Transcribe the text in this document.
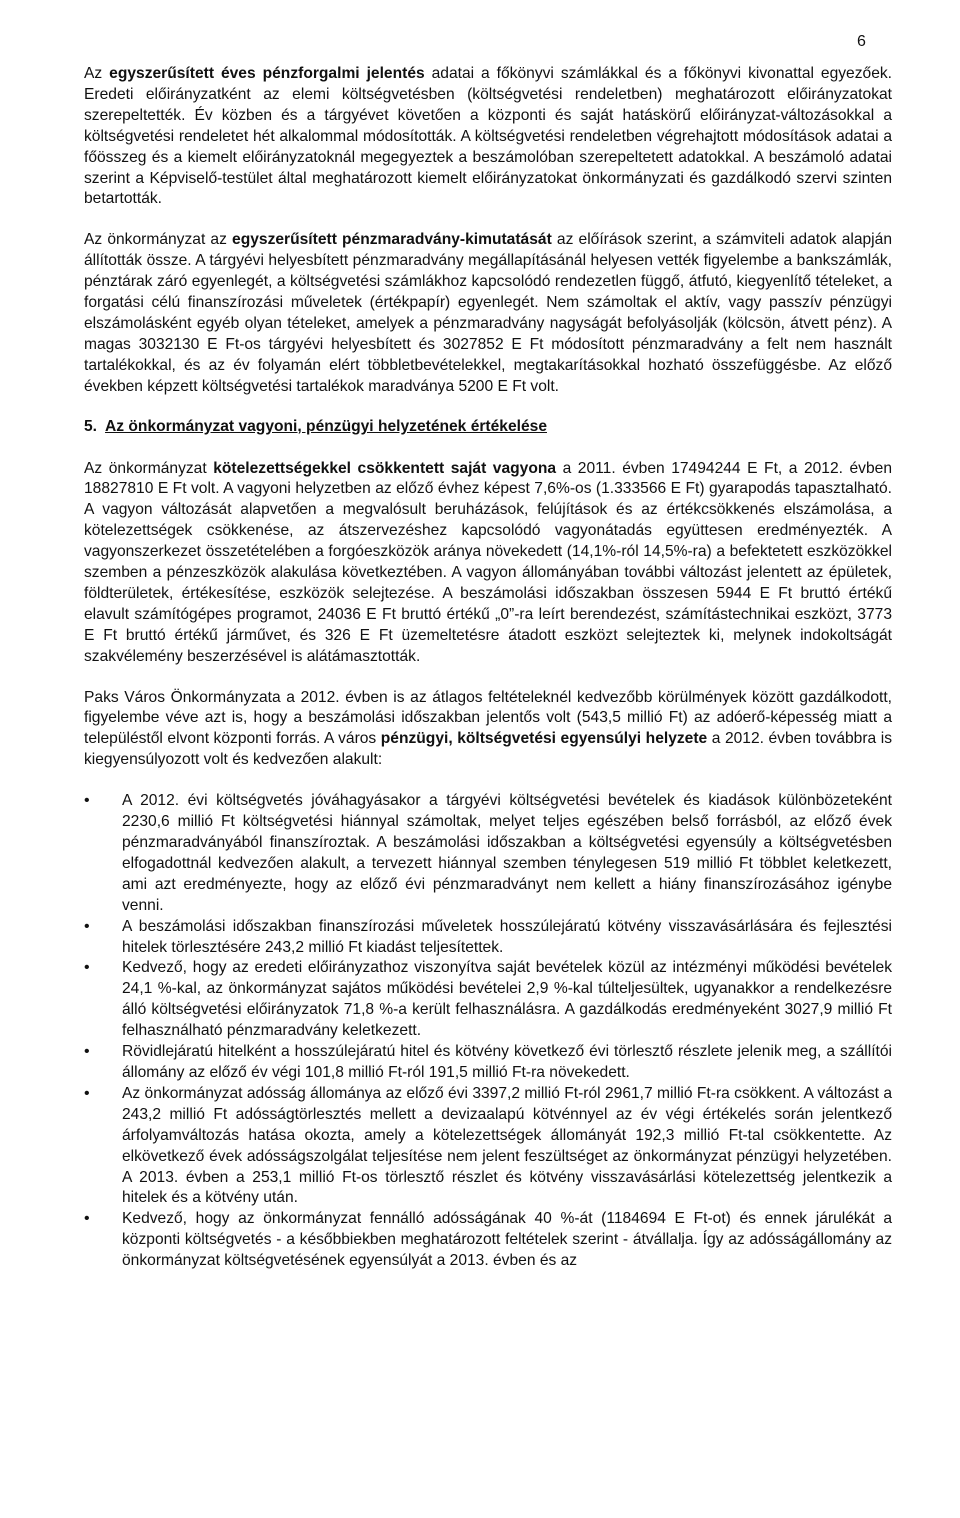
6

Az egyszerűsített éves pénzforgalmi jelentés adatai a főkönyvi számlákkal és a főkönyvi kivonattal egyezőek. Eredeti előirányzatként az elemi költségvetésben (költségvetési rendeletben) meghatározott előirányzatokat szerepeltették. Év közben és a tárgyévet követően a központi és saját hatáskörű előirányzat-változásokkal a költségvetési rendeletet hét alkalommal módosították. A költségvetési rendeletben végrehajtott módosítások adatai a főösszeg és a kiemelt előirányzatoknál megegyeztek a beszámolóban szerepeltetett adatokkal. A beszámoló adatai szerint a Képviselő-testület által meghatározott kiemelt előirányzatokat önkormányzati és gazdálkodó szervi szinten betartották.

Az önkormányzat az egyszerűsített pénzmaradvány-kimutatását az előírások szerint, a számviteli adatok alapján állították össze. A tárgyévi helyesbített pénzmaradvány megállapításánál helyesen vették figyelembe a bankszámlák, pénztárak záró egyenlegét, a költségvetési számlákhoz kapcsolódó rendezetlen függő, átfutó, kiegyenlítő tételeket, a forgatási célú finanszírozási műveletek (értékpapír) egyenlegét. Nem számoltak el aktív, vagy passzív pénzügyi elszámolásként egyéb olyan tételeket, amelyek a pénzmaradvány nagyságát befolyásolják (kölcsön, átvett pénz). A magas 3032130 E Ft-os tárgyévi helyesbített és 3027852 E Ft módosított pénzmaradvány a felt nem használt tartalékokkal, és az év folyamán elért többletbevételekkel, megtakarításokkal hozható összefüggésbe. Az előző években képzett költségvetési tartalékok maradványa 5200 E Ft volt.

5. Az önkormányzat vagyoni, pénzügyi helyzetének értékelése

Az önkormányzat kötelezettségekkel csökkentett saját vagyona a 2011. évben 17494244 E Ft, a 2012. évben 18827810 E Ft volt. A vagyoni helyzetben az előző évhez képest 7,6%-os (1.333566 E Ft) gyarapodás tapasztalható. A vagyon változását alapvetően a megvalósult beruházások, felújítások és az értékcsökkenés elszámolása, a kötelezettségek csökkenése, az átszervezéshez kapcsolódó vagyonátadás együttesen eredményezték. A vagyonszerkezet összetételében a forgóeszközök aránya növekedett (14,1%-ról 14,5%-ra) a befektetett eszközökkel szemben a pénzeszközök alakulása következtében. A vagyon állományában további változást jelentett az épületek, földterületek, értékesítése, eszközök selejtezése. A beszámolási időszakban összesen 5944 E Ft bruttó értékű elavult számítógépes programot, 24036 E Ft bruttó értékű „0”-ra leírt berendezést, számítástechnikai eszközt, 3773 E Ft bruttó értékű járművet, és 326 E Ft üzemeltetésre átadott eszközt selejteztek ki, melynek indokoltságát szakvélemény beszerzésével is alátámasztották.

Paks Város Önkormányzata a 2012. évben is az átlagos feltételeknél kedvezőbb körülmények között gazdálkodott, figyelembe véve azt is, hogy a beszámolási időszakban jelentős volt (543,5 millió Ft) az adóerő-képesség miatt a településtől elvont központi forrás. A város pénzügyi, költségvetési egyensúlyi helyzete a 2012. évben továbbra is kiegyensúlyozott volt és kedvezően alakult:

• A 2012. évi költségvetés jóváhagyásakor a tárgyévi költségvetési bevételek és kiadások különbözeteként 2230,6 millió Ft költségvetési hiánnyal számoltak, melyet teljes egészében belső forrásból, az előző évek pénzmaradványából finanszíroztak. A beszámolási időszakban a költségvetési egyensúly a költségvetésben elfogadottnál kedvezően alakult, a tervezett hiánnyal szemben ténylegesen 519 millió Ft többlet keletkezett, ami azt eredményezte, hogy az előző évi pénzmaradványt nem kellett a hiány finanszírozásához igénybe venni.
• A beszámolási időszakban finanszírozási műveletek hosszúlejáratú kötvény visszavásárlására és fejlesztési hitelek törlesztésére 243,2 millió Ft kiadást teljesítettek.
• Kedvező, hogy az eredeti előirányzathoz viszonyítva saját bevételek közül az intézményi működési bevételek 24,1 %-kal, az önkormányzat sajátos működési bevételei 2,9 %-kal túlteljesültek, ugyanakkor a rendelkezésre álló költségvetési előirányzatok 71,8 %-a került felhasználásra. A gazdálkodás eredményeként 3027,9 millió Ft felhasználható pénzmaradvány keletkezett.
• Rövidlejáratú hitelként a hosszúlejáratú hitel és kötvény következő évi törlesztő részlete jelenik meg, a szállítói állomány az előző év végi 101,8 millió Ft-ról 191,5 millió Ft-ra növekedett.
• Az önkormányzat adósság állománya az előző évi 3397,2 millió Ft-ról 2961,7 millió Ft-ra csökkent. A változást a 243,2 millió Ft adósságtörlesztés mellett a devizaalapú kötvénnyel az év végi értékelés során jelentkező árfolyamváltozás hatása okozta, amely a kötelezettségek állományát 192,3 millió Ft-tal csökkentette. Az elkövetkező évek adósságszolgálat teljesítése nem jelent feszültséget az önkormányzat pénzügyi helyzetében. A 2013. évben a 253,1 millió Ft-os törlesztő részlet és kötvény visszavásárlási kötelezettség jelentkezik a hitelek és a kötvény után.
• Kedvező, hogy az önkormányzat fennálló adósságának 40 %-át (1184694 E Ft-ot) és ennek járulékát a központi költségvetés - a későbbiekben meghatározott feltételek szerint - átvállalja. Így az adósságállomány az önkormányzat költségvetésének egyensúlyát a 2013. évben és az
